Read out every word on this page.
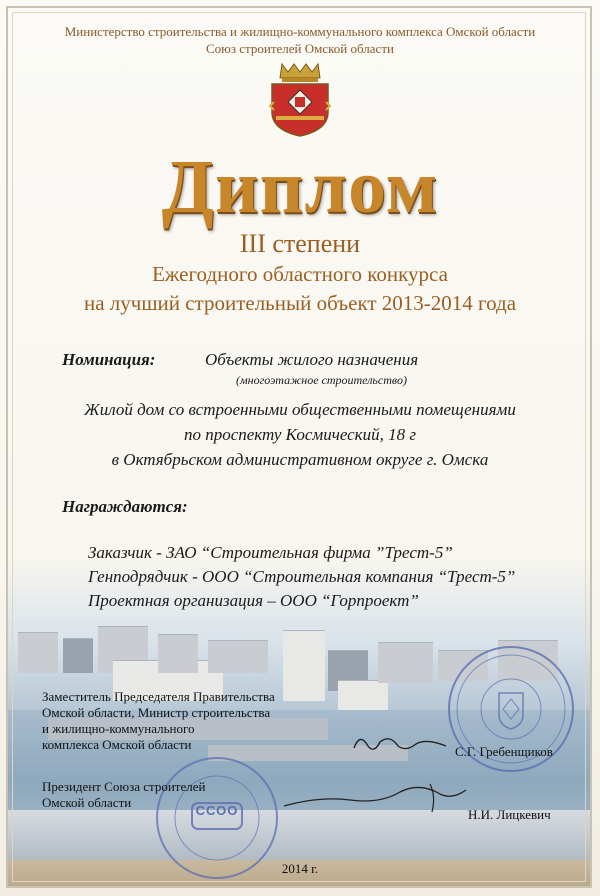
Министерство строительства и жилищно-коммунального комплекса Омской области
Союз строителей Омской области
Диплом
III степени
Ежегодного областного конкурса
на лучший строительный объект 2013-2014 года
Номинация:	Объекты жилого назначения
(многоэтажное строительство)
Жилой дом со встроенными общественными помещениями
по проспекту Космический, 18 г
в Октябрьском административном округе г. Омска
Награждаются:
Заказчик - ЗАО “Строительная фирма ”Трест-5”
Генподрядчик - ООО “Строительная компания “Трест-5”
Проектная организация – ООО “Горпроект”
ССОО
Заместитель Председателя Правительства
Омской области, Министр строительства
и жилищно-коммунального
комплекса Омской области	С.Г. Гребенщиков
Президент Союза строителей
Омской области
Н.И. Лицкевич
2014 г.
